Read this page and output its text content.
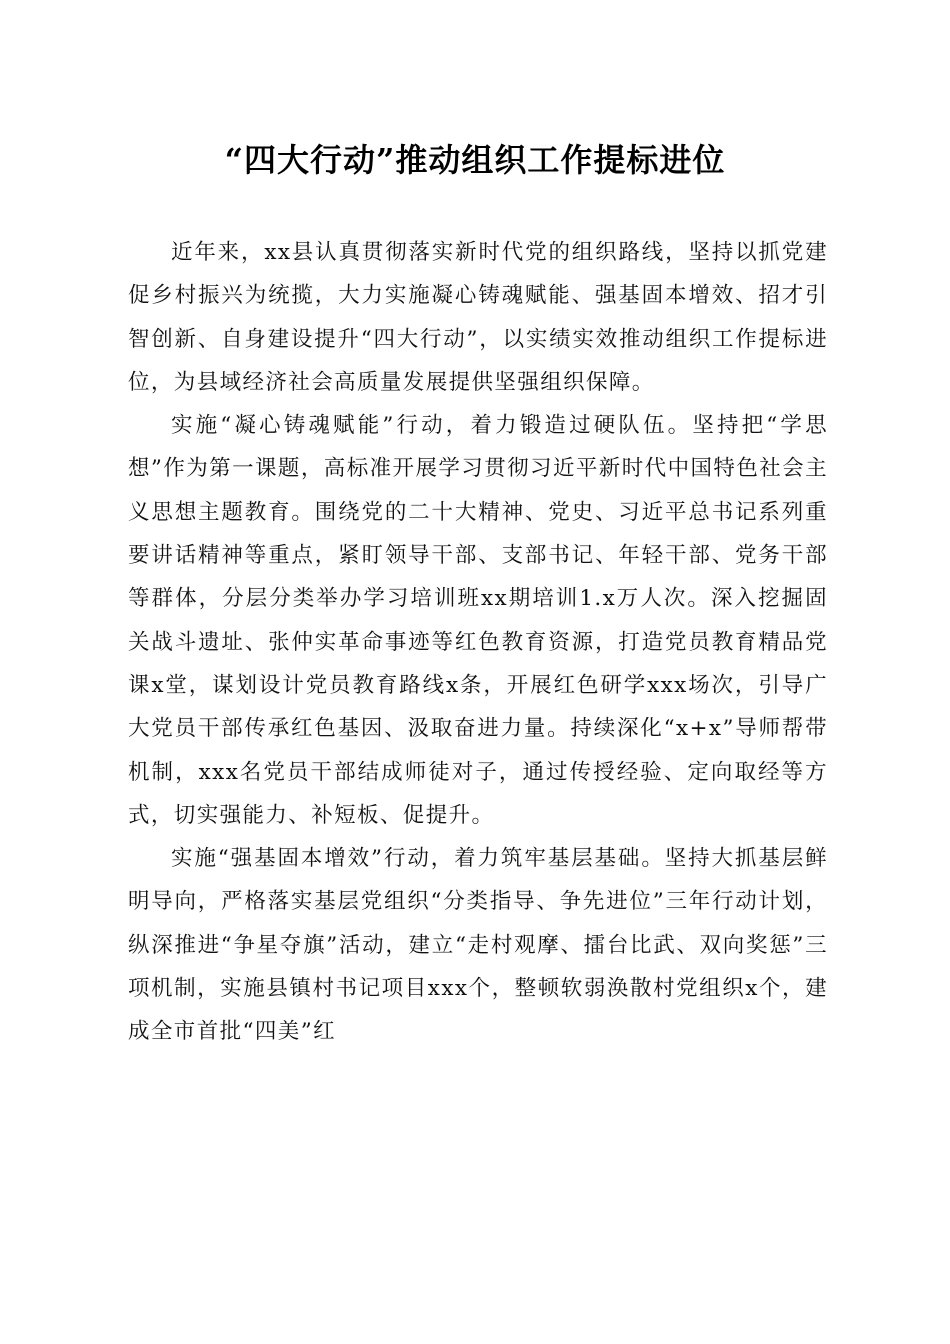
“四大行动”推动组织工作提标进位

近年来，xx县认真贯彻落实新时代党的组织路线，坚持以抓党建促乡村振兴为统揽，大力实施凝心铸魂赋能、强基固本增效、招才引智创新、自身建设提升“四大行动”，以实绩实效推动组织工作提标进位，为县域经济社会高质量发展提供坚强组织保障。

实施“凝心铸魂赋能”行动，着力锻造过硬队伍。坚持把“学思想”作为第一课题，高标准开展学习贯彻习近平新时代中国特色社会主义思想主题教育。围绕党的二十大精神、党史、习近平总书记系列重要讲话精神等重点，紧盯领导干部、支部书记、年轻干部、党务干部等群体，分层分类举办学习培训班xx期培训1.x万人次。深入挖掘固关战斗遗址、张仲实革命事迹等红色教育资源，打造党员教育精品党课x堂，谋划设计党员教育路线x条，开展红色研学xxx场次，引导广大党员干部传承红色基因、汲取奋进力量。持续深化“x+x”导师帮带机制，xxx名党员干部结成师徒对子，通过传授经验、定向取经等方式，切实强能力、补短板、促提升。

实施“强基固本增效”行动，着力筑牢基层基础。坚持大抓基层鲜明导向，严格落实基层党组织“分类指导、争先进位”三年行动计划，纵深推进“争星夺旗”活动，建立“走村观摩、擂台比武、双向奖惩”三项机制，实施县镇村书记项目xxx个，整顿软弱涣散村党组织x个，建成全市首批“四美”红
